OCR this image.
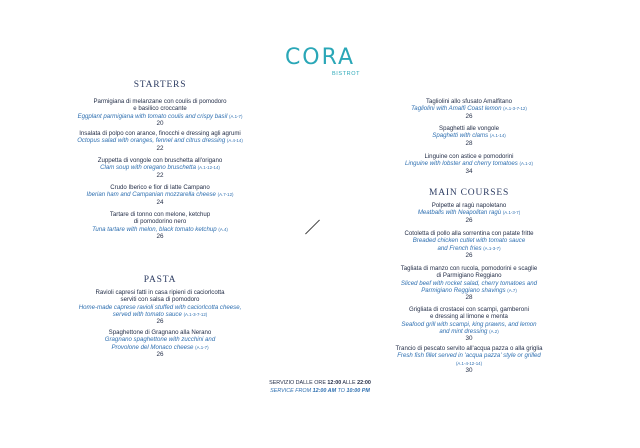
CORA
BISTROT
STARTERS
Parmigiana di melanzane con coulis di pomodoro
e basilico croccante
Eggplant parmigiana with tomato coulis and crispy basil (A.1-7)
20
Insalata di polpo con arance, finocchi e dressing agli agrumi
Octopus salad with oranges, fennel and citrus dressing (A.4-14)
22
Zuppetta di vongole con bruschetta all'origano
Clam soup with oregano bruschetta (A.1-12-14)
22
Crudo Iberico e fior di latte Campano
Iberian ham and Campanian mozzarella cheese (A.7-12)
24
Tartare di tonno con melone, ketchup
di pomodorino nero
Tuna tartare with melon, black tomato ketchup (A.4)
26
PASTA
Ravioli capresi fatti in casa ripieni di caciorlcotta
serviti con salsa di pomodoro
Home-made caprese ravioli stuffed with caciorlcotta cheese,
served with tomato sauce (A.1-3-7-12)
26
Spaghettone di Gragnano alla Nerano
Gragnano spaghettone with zucchini and
Provolone del Monaco cheese (A.1-7)
26
Tagliolini allo sfusato Amalfitano
Tagliolini with Amalfi Coast lemon (A.1-3-7-12)
26
Spaghetti alle vongole
Spaghetti with clams (A.1-14)
28
Linguine con astice e pomodorini
Linguine with lobster and cherry tomatoes (A.1-2)
34
MAIN COURSES
Polpette al ragù napoletano
Meatballs with Neapolitan ragù (A.1-3-7)
26
Cotoletta di pollo alla sorrentina con patate fritte
Breaded chicken cutlet with tomato sauce
and French fries (A.1-3-7)
26
Tagliata di manzo con rucola, pomodorini e scaglie
di Parmigiano Reggiano
Sliced beef with rocket salad, cherry tomatoes and
Parmigiano Reggiano shavings (A.7)
28
Grigliata di crostacei con scampi, gamberoni
e dressing al limone e menta
Seafood grill with scampi, king prawns, and lemon
and mint dressing (A.2)
30
Trancio di pescato servito all'acqua pazza o alla griglia
Fresh fish fillet served in 'acqua pazza' style or grilled
(A.1-4-12-14)
30
SERVIZIO DALLE ORE 12:00 ALLE 22:00
SERVICE FROM 12:00 AM TO 10:00 PM
